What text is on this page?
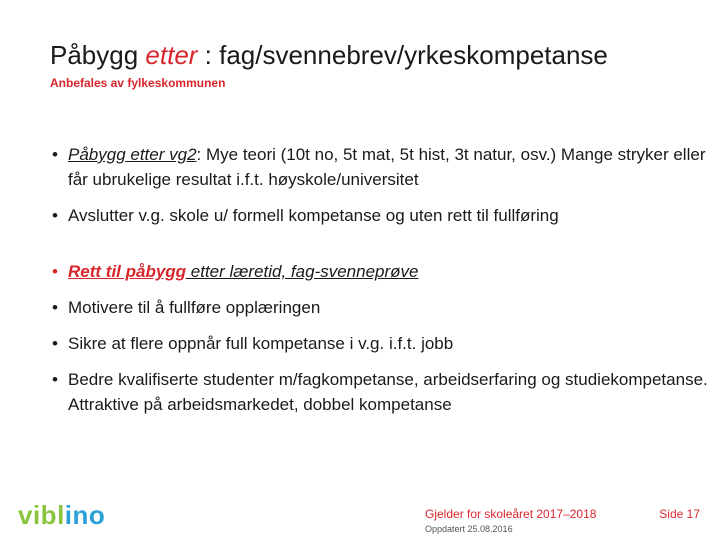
Påbygg etter : fag/svennebrev/yrkeskompetanse
Anbefales av fylkeskommunen
• Påbygg etter vg2: Mye teori (10t no, 5t mat, 5t hist, 3t natur, osv.) Mange stryker eller får ubrukelige resultat i.f.t. høyskole/universitet
• Avslutter v.g. skole u/ formell kompetanse og uten rett til fullføring
• Rett til påbygg etter læretid, fag-svenneprøve
• Motivere til å fullføre opplæringen
• Sikre at flere oppnår full kompetanse i v.g. i.f.t. jobb
• Bedre kvalifiserte studenter m/fagkompetanse, arbeidserfaring og studiekompetanse. Attraktive på arbeidsmarkedet, dobbel kompetanse
viblino	Gjelder for skoleåret 2017–2018
Oppdatert 25.08.2016
Side 17
